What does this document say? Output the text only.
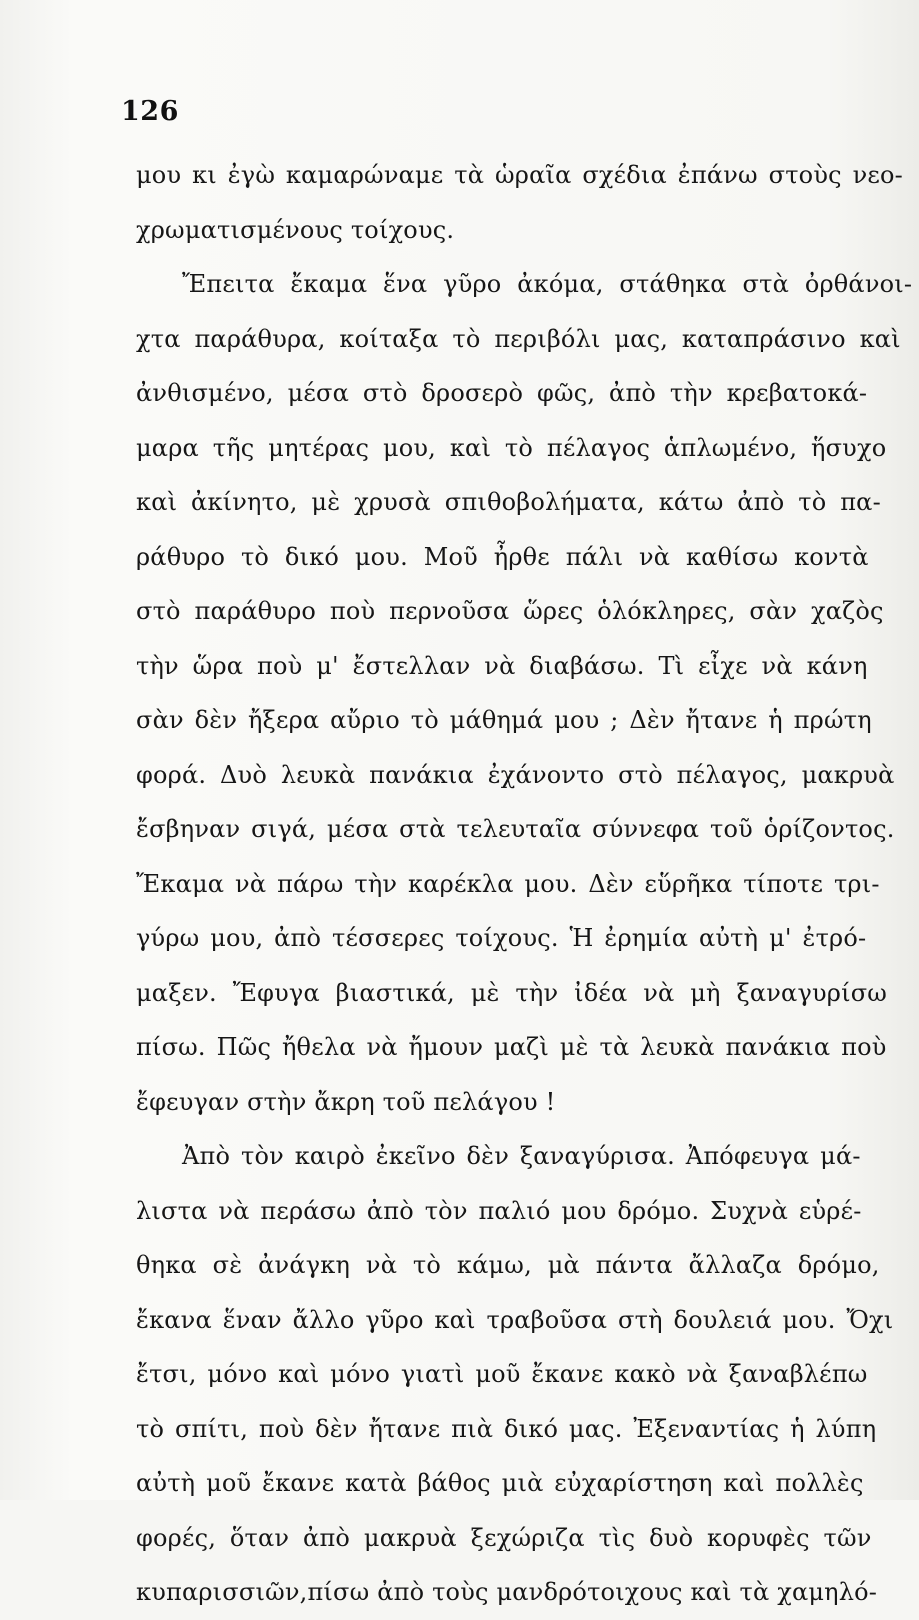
126
μου κι ἐγὼ καμαρώναμε τὰ ὡραῖα σχέδια ἐπάνω στοὺς νεο-
χρωματισμένους τοίχους.
Ἔπειτα ἔκαμα ἕνα γῦρο ἀκόμα, στάθηκα στὰ ὀρθάνοι-
χτα παράθυρα, κοίταξα τὸ περιβόλι μας, καταπράσινο καὶ
ἀνθισμένο, μέσα στὸ δροσερὸ φῶς, ἀπὸ τὴν κρεβατοκά-
μαρα τῆς μητέρας μου, καὶ τὸ πέλαγος ἁπλωμένο, ἥσυχο
καὶ ἀκίνητο, μὲ χρυσὰ σπιθοβολήματα, κάτω ἀπὸ τὸ πα-
ράθυρο τὸ δικό μου. Μοῦ ἦρθε πάλι νὰ καθίσω κοντὰ
στὸ παράθυρο ποὺ περνοῦσα ὥρες ὁλόκληρες, σὰν χαζὸς
τὴν ὥρα ποὺ μ' ἔστελλαν νὰ διαβάσω. Τὶ εἶχε νὰ κάνη
σὰν δὲν ἤξερα αὔριο τὸ μάθημά μου ; Δὲν ἤτανε ἡ πρώτη
φορά. Δυὸ λευκὰ πανάκια ἐχάνοντο στὸ πέλαγος, μακρυὰ
ἔσβηναν σιγά, μέσα στὰ τελευταῖα σύννεφα τοῦ ὁρίζοντος.
Ἔκαμα νὰ πάρω τὴν καρέκλα μου. Δὲν εὕρῆκα τίποτε τρι-
γύρω μου, ἀπὸ τέσσερες τοίχους. Ἡ ἐρημία αὐτὴ μ' ἐτρό-
μαξεν. Ἔφυγα βιαστικά, μὲ τὴν ἰδέα νὰ μὴ ξαναγυρίσω
πίσω. Πῶς ἤθελα νὰ ἤμουν μαζὶ μὲ τὰ λευκὰ πανάκια ποὺ
ἔφευγαν στὴν ἄκρη τοῦ πελάγου !
Ἀπὸ τὸν καιρὸ ἐκεῖνο δὲν ξαναγύρισα. Ἀπόφευγα μά-
λιστα νὰ περάσω ἀπὸ τὸν παλιό μου δρόμο. Συχνὰ εὑρέ-
θηκα σὲ ἀνάγκη νὰ τὸ κάμω, μὰ πάντα ἄλλαζα δρόμο,
ἔκανα ἕναν ἄλλο γῦρο καὶ τραβοῦσα στὴ δουλειά μου. Ὄχι
ἔτσι, μόνο καὶ μόνο γιατὶ μοῦ ἔκανε κακὸ νὰ ξαναβλέπω
τὸ σπίτι, ποὺ δὲν ἤτανε πιὰ δικό μας. Ἐξεναντίας ἡ λύπη
αὐτὴ μοῦ ἔκανε κατὰ βάθος μιὰ εὐχαρίστηση καὶ πολλὲς
φορές, ὅταν ἀπὸ μακρυὰ ξεχώριζα τὶς δυὸ κορυφὲς τῶν
κυπαρισσιῶν,πίσω ἀπὸ τοὺς μανδρότοιχους καὶ τὰ χαμηλό-
